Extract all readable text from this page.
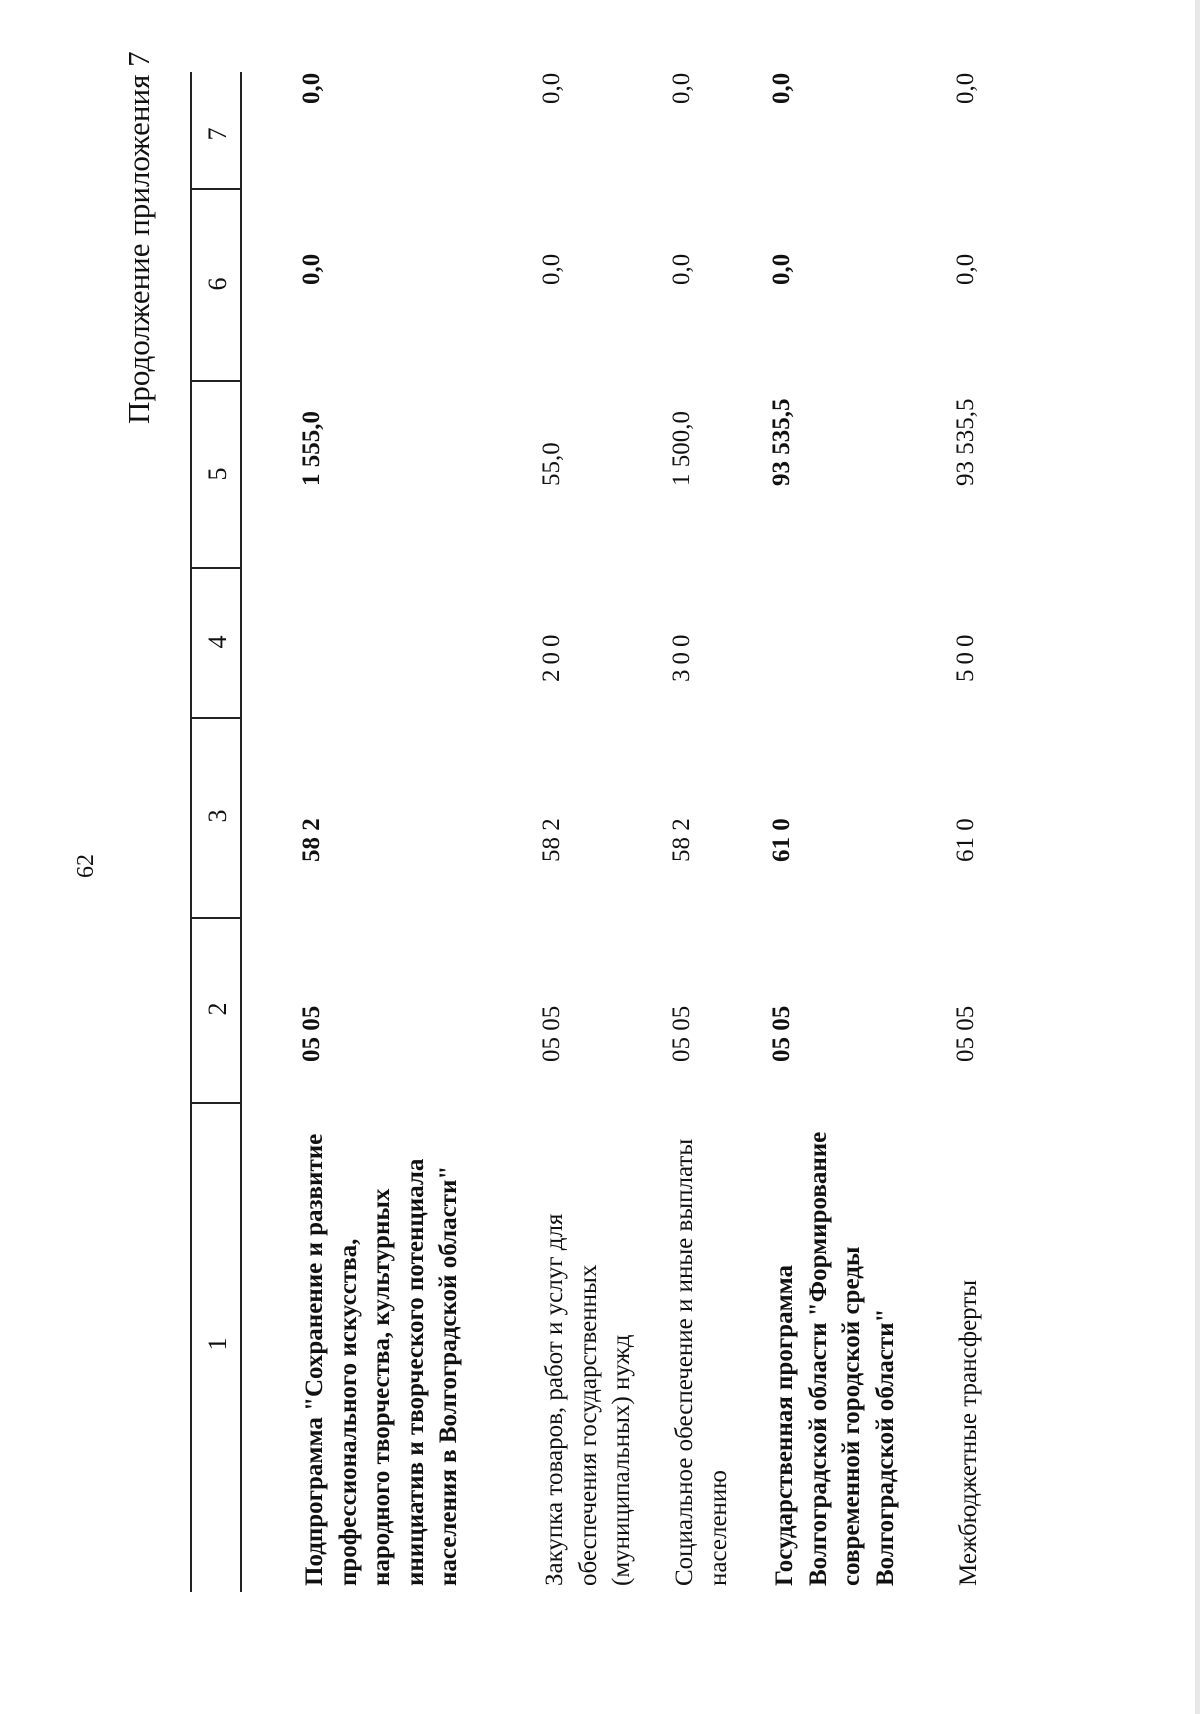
62
Продолжение приложения 7
1
2
3
4
5
6
7
Подпрограмма "Сохранение и развитие профессионального искусства, народного творчества, культурных инициатив и творческого потенциала населения в Волгоградской области"
05 05
58 2
1 555,0
0,0
0,0
Закупка товаров, работ и услуг для обеспечения государственных (муниципальных) нужд
05 05
58 2
200
55,0
0,0
0,0
Социальное обеспечение и иные выплаты населению
05 05
58 2
300
1 500,0
0,0
0,0
Государственная программа Волгоградской области "Формирование современной городской среды Волгоградской области"
05 05
61 0
93 535,5
0,0
0,0
Межбюджетные трансферты
05 05
61 0
500
93 535,5
0,0
0,0
